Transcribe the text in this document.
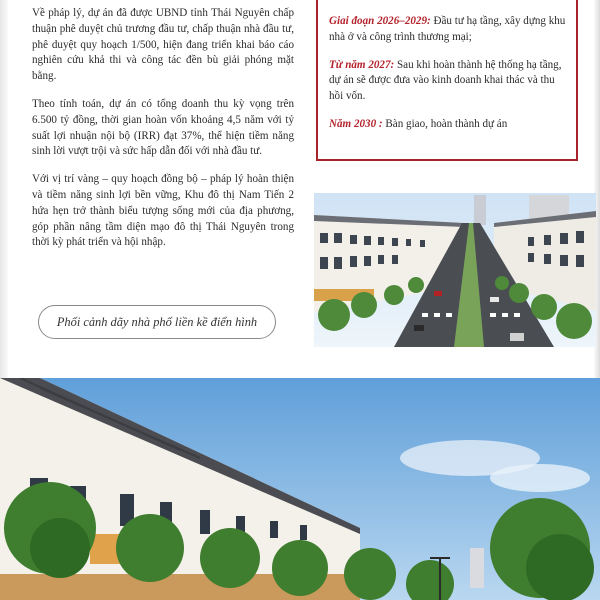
Về pháp lý, dự án đã được UBND tỉnh Thái Nguyên chấp thuận phê duyệt chủ trương đầu tư, chấp thuận nhà đầu tư, phê duyệt quy hoạch 1/500, hiện đang triển khai báo cáo nghiên cứu khả thi và công tác đền bù giải phóng mặt bằng.

Theo tính toán, dự án có tổng doanh thu kỳ vọng trên 6.500 tỷ đồng, thời gian hoàn vốn khoảng 4,5 năm với tỷ suất lợi nhuận nội bộ (IRR) đạt 37%, thể hiện tiềm năng sinh lời vượt trội và sức hấp dẫn đối với nhà đầu tư.

Với vị trí vàng – quy hoạch đồng bộ – pháp lý hoàn thiện và tiềm năng sinh lợi bền vững, Khu đô thị Nam Tiến 2 hứa hẹn trở thành biểu tượng sống mới của địa phương, góp phần nâng tầm diện mạo đô thị Thái Nguyên trong thời kỳ phát triển và hội nhập.

Giai đoạn 2026–2029: Đầu tư hạ tầng, xây dựng khu nhà ở và công trình thương mại;

Từ năm 2027: Sau khi hoàn thành hệ thống hạ tầng, dự án sẽ được đưa vào kinh doanh khai thác và thu hồi vốn.

Năm 2030 : Bàn giao, hoàn thành dự án

Phối cảnh dãy nhà phố liền kề điển hình
